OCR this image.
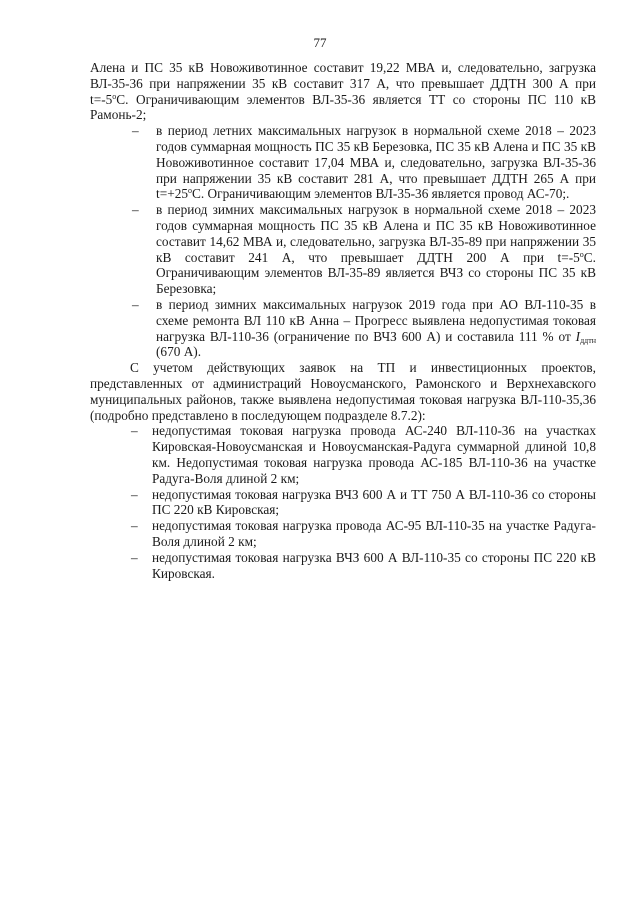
77

Алена и ПС 35 кВ Новоживотинное составит 19,22 МВА и, следовательно, загрузка ВЛ-35-36 при напряжении 35 кВ составит 317 А, что превышает ДДТН 300 А при $t=-5^oС$. Ограничивающим элементов ВЛ-35-36 является ТТ со стороны ПС 110 кВ Рамонь-2;

– в период летних максимальных нагрузок в нормальной схеме 2018 – 2023 годов суммарная мощность ПС 35 кВ Березовка, ПС 35 кВ Алена и ПС 35 кВ Новоживотинное составит 17,04 МВА и, следовательно, загрузка ВЛ-35-36 при напряжении 35 кВ составит 281 А, что превышает ДДТН 265 А при $t=+25^oС$. Ограничивающим элементов ВЛ-35-36 является провод АС-70;.
– в период зимних максимальных нагрузок в нормальной схеме 2018 – 2023 годов суммарная мощность ПС 35 кВ Алена и ПС 35 кВ Новоживотинное составит 14,62 МВА и, следовательно, загрузка ВЛ-35-89 при напряжении 35 кВ составит 241 А, что превышает ДДТН 200 А при $t=-5^oС$. Ограничивающим элементов ВЛ-35-89 является ВЧЗ со стороны ПС 35 кВ Березовка;
– в период зимних максимальных нагрузок 2019 года при АО ВЛ-110-35 в схеме ремонта ВЛ 110 кВ Анна – Прогресс выявлена недопустимая токовая нагрузка ВЛ-110-36 (ограничение по ВЧЗ 600 А) и составила 111 % от $I_{ддтн}$ (670 А).

С учетом действующих заявок на ТП и инвестиционных проектов, представленных от администраций Новоусманского, Рамонского и Верхнехавского муниципальных районов, также выявлена недопустимая токовая нагрузка ВЛ-110-35,36 (подробно представлено в последующем подразделе 8.7.2):

– недопустимая токовая нагрузка провода АС-240 ВЛ-110-36 на участках Кировская-Новоусманская и Новоусманская-Радуга суммарной длиной 10,8 км. Недопустимая токовая нагрузка провода АС-185 ВЛ-110-36 на участке Радуга-Воля длиной 2 км;
– недопустимая токовая нагрузка ВЧЗ 600 А и ТТ 750 А ВЛ-110-36 со стороны ПС 220 кВ Кировская;
– недопустимая токовая нагрузка провода АС-95 ВЛ-110-35 на участке Радуга-Воля длиной 2 км;
– недопустимая токовая нагрузка ВЧЗ 600 А ВЛ-110-35 со стороны ПС 220 кВ Кировская.
